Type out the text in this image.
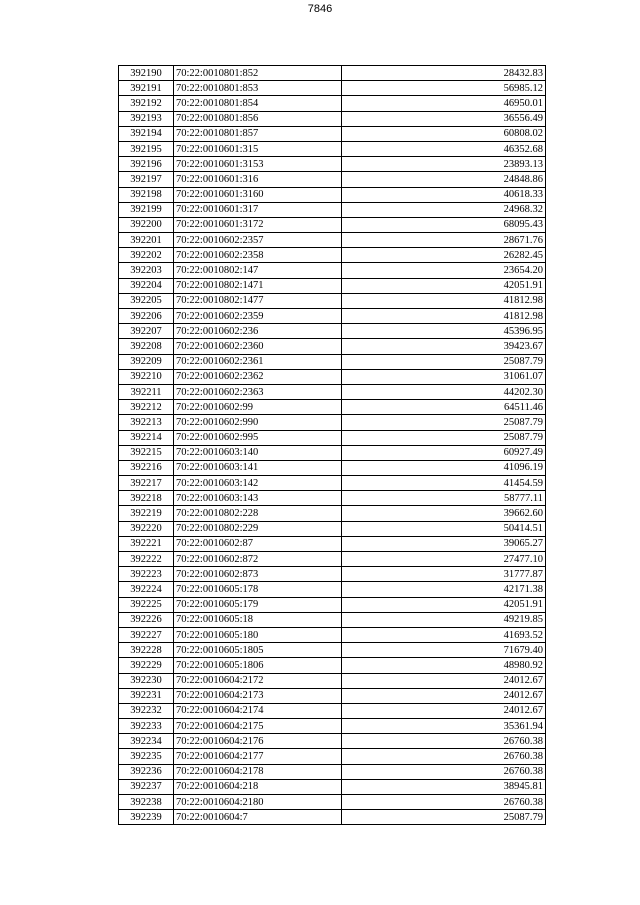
7846
392190	70:22:0010801:852	28432.83
392191	70:22:0010801:853	56985.12
392192	70:22:0010801:854	46950.01
392193	70:22:0010801:856	36556.49
392194	70:22:0010801:857	60808.02
392195	70:22:0010601:315	46352.68
392196	70:22:0010601:3153	23893.13
392197	70:22:0010601:316	24848.86
392198	70:22:0010601:3160	40618.33
392199	70:22:0010601:317	24968.32
392200	70:22:0010601:3172	68095.43
392201	70:22:0010602:2357	28671.76
392202	70:22:0010602:2358	26282.45
392203	70:22:0010802:147	23654.20
392204	70:22:0010802:1471	42051.91
392205	70:22:0010802:1477	41812.98
392206	70:22:0010602:2359	41812.98
392207	70:22:0010602:236	45396.95
392208	70:22:0010602:2360	39423.67
392209	70:22:0010602:2361	25087.79
392210	70:22:0010602:2362	31061.07
392211	70:22:0010602:2363	44202.30
392212	70:22:0010602:99	64511.46
392213	70:22:0010602:990	25087.79
392214	70:22:0010602:995	25087.79
392215	70:22:0010603:140	60927.49
392216	70:22:0010603:141	41096.19
392217	70:22:0010603:142	41454.59
392218	70:22:0010603:143	58777.11
392219	70:22:0010802:228	39662.60
392220	70:22:0010802:229	50414.51
392221	70:22:0010602:87	39065.27
392222	70:22:0010602:872	27477.10
392223	70:22:0010602:873	31777.87
392224	70:22:0010605:178	42171.38
392225	70:22:0010605:179	42051.91
392226	70:22:0010605:18	49219.85
392227	70:22:0010605:180	41693.52
392228	70:22:0010605:1805	71679.40
392229	70:22:0010605:1806	48980.92
392230	70:22:0010604:2172	24012.67
392231	70:22:0010604:2173	24012.67
392232	70:22:0010604:2174	24012.67
392233	70:22:0010604:2175	35361.94
392234	70:22:0010604:2176	26760.38
392235	70:22:0010604:2177	26760.38
392236	70:22:0010604:2178	26760.38
392237	70:22:0010604:218	38945.81
392238	70:22:0010604:2180	26760.38
392239	70:22:0010604:7	25087.79
